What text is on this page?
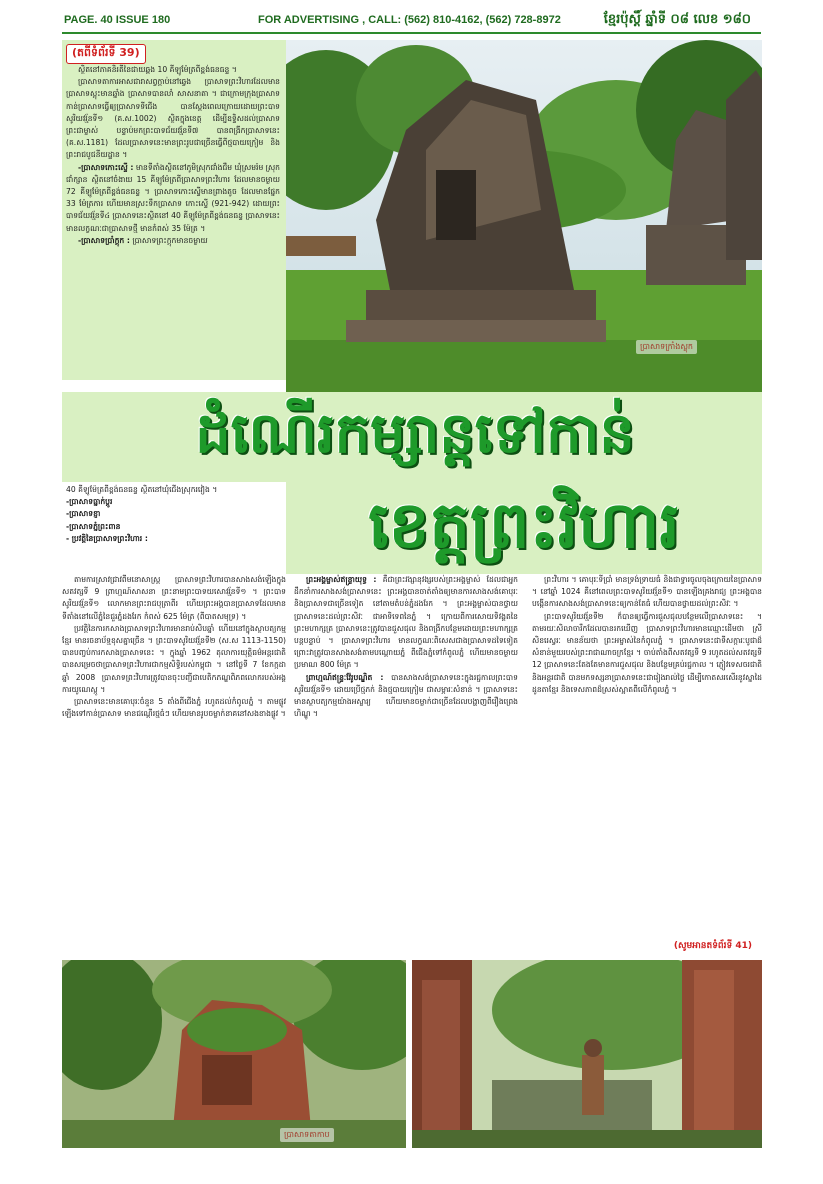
PAGE. 40 ISSUE 180	FOR ADVERTISING , CALL: (562) 810-4162, (562) 728-8972	ខ្មែរប៉ុស្តិ៍ ឆ្នាំទី ០៨ លេខ ១៨០
(តពីទំព័រទី 39)
ស្ថិតនៅភាគនិរតីនៃជាយឆ្ពង 10 គីឡូម៉ែត្រពីខ្ពង់ធនធន្ទ ។
ប្រាសាទតាការអាសជារាសព្វក្ដាប់នៅឆ្វេង ប្រាសាទព្រះវិហារដែលមាន ប្រាសាទស្អុះមានឆ្នាំង ប្រាសាទបានលាំ សាសនាតា ។ ជាក្រោមក្រុងប្រាសាទ កាន់ប្រាសាទធ្វើឲ្យប្រាសាទទីជើង បានស្តែងពេលក្រោយដោយព្រះបាទសូរិយវរ្ម័នទី១ (គ.ស.1002) ស្ថិតក្នុងខេត្ត ដើម្បីឧទ្ទិសដល់ប្រាសាទព្រះជាម្ចាស់ បន្ទាប់មកព្រះបាទជ័យវរ្ម័នទី៧ បានពង្រីកប្រាសាទនេះ (គ.ស.1181) ដែលប្រាសាទនេះមានព្រះរូបជាច្រើនធ្វើពីថ្មបាយក្រៀម និងព្រះរាជបូជនីយដ្ឋាន ។
-ប្រាសាទកោះស្ទើ : មានទីតាំងស្ថិតនៅភូមិស្រុកជាំងជឹម ឃុំស្រមរ៉ម ស្រុកជាំក្សាន ស្ថិតនៅចំងាយ 15 គីឡូម៉ែត្រពីប្រាសាទព្រះវិហារ ដែលមានចម្ងាយ 72 គីឡូម៉ែត្រពីខ្ពង់ធនធន្ទ ។ ប្រាសាទកោះស្ទើមានព្រាងតូច ដែលមានផ្នែក 33 ម៉ែត្រការ ហើយមានស្រះទឹកប្រាសាទ កោះស្ទើ (921-942) ដោយព្រះបាទជ័យវរ្ម័នទី៤ ប្រាសាទនេះស្ថិតនៅ 40 គីឡូម៉ែត្រពីខ្ពង់ធនធន្ទ ប្រាសាទនេះមានលក្ខណៈជាប្រាសាទថ្មី មានកំពស់ 35 ម៉ែត្រ ។
-ប្រាសាទប្រាំក្ដុក : ប្រាសាទព្រះក្ដុកមានចម្ងាយ
ប្រាសាទក្រាំងស្លុក
ដំណើរកម្សាន្តទៅកាន់
ខេត្តព្រះវិហារ
40 គីឡូម៉ែត្រពីខ្ពង់ធនធន្ទ ស្ថិតនៅឃុំជើងស្រុករវៀង ។
-ប្រាសាទធ្នាក់ប្ដូរ
-ប្រាសាទខ្ញា
-ប្រាសាទភ្នំព្រះពាន
- ប្រវត្តិនៃប្រាសាទព្រះវិហារ :
តាមការស្រាវជ្រាវពីមនោសាស្ត្រ ប្រាសាទព្រះវិហារបានសាងសង់ឡើងក្នុងសតវត្សទី 9 ព្រាហ្មណ៍សាសនា ព្រះនាមព្រះបាទយសោវរ្ម័នទី១ ។ ព្រះបាទសូរិយវរ្ម័នទី១ លោកមានព្រះរាជបុត្រាពីរ ហើយព្រះអង្គបានប្រាសាទដែលមានទីតាំងនៅលើភ្នំនៃជួរភ្នំដងរែក កំពស់ 625 ម៉ែត្រ (ពីបាតសមុទ្រ) ។
ប្រវត្តិនៃការកសាងប្រាសាទព្រះវិហារមានរាប់សិបឆ្នាំ ហើយនៅក្នុងស្ថាបត្យកម្មខ្មែរ មានរចនាប័ទ្មខុសគ្នាច្រើន ។ ព្រះបាទសូរិយវរ្ម័នទី២ (ស.ស 1113-1150) បានបញ្ចប់ការកសាងប្រាសាទនេះ ។ ក្នុងឆ្នាំ 1962 តុលាការយុត្តិធម៌អន្តរជាតិ បានសម្រេចថាប្រាសាទព្រះវិហារជាកម្មសិទ្ធិរបស់កម្ពុជា ។ នៅថ្ងៃទី 7 ខែកក្កដា ឆ្នាំ 2008 ប្រាសាទព្រះវិហារត្រូវបានចុះបញ្ជីជាបេតិកភណ្ឌពិភពលោករបស់អង្គការយូណេស្កូ ។
ប្រាសាទនេះមានគោបុរៈចំនួន 5 តាំងពីជើងភ្នំ រហូតដល់កំពូលភ្នំ ។ តាមផ្លូវឡើងទៅកាន់ប្រាសាទ មានជណ្ដើរថ្មធំៗ ហើយមានរូបចម្លាក់នាគនៅសងខាងផ្លូវ ។
ព្រះអង្គម្ចាស់ឥន្ទ្រាយុទ្ធ : គឺជាព្រះវង្សានុវង្សរបស់ព្រះអង្គម្ចាស់ ដែលជាអ្នកដឹកនាំការសាងសង់ប្រាសាទនេះ ព្រះអង្គបានចាត់តាំងឲ្យមានការសាងសង់គោបុរៈ និងប្រាសាទជាច្រើនទៀត នៅតាមតំបន់ភ្នំដងរែក ។ ព្រះអង្គម្ចាស់បានថ្វាយប្រាសាទនេះដល់ព្រះសិវៈ ជាអាទិទេពនៃភ្នំ ។ ក្រោយពីការសោយទិវង្គតនៃព្រះមហាក្សត្រ ប្រាសាទនេះត្រូវបានជួសជុល និងពង្រីកបន្ថែមដោយព្រះមហាក្សត្របន្តបន្ទាប់ ។ ប្រាសាទព្រះវិហារ មានលក្ខណៈពិសេសជាងប្រាសាទដទៃទៀត ព្រោះវាត្រូវបានសាងសង់តាមបណ្ដោយភ្នំ ពីជើងភ្នំទៅកំពូលភ្នំ ហើយមានចម្ងាយប្រមាណ 800 ម៉ែត្រ ។
ព្រាហ្មណ៍ឥន្ទ្រៈវ៉ែរូបណ្ឌិត : បានសាងសង់ប្រាសាទនេះក្នុងរជ្ជកាលព្រះបាទសូរិយវរ្ម័នទី១ ដោយប្រើថ្មភក់ និងថ្មបាយក្រៀម ជាសម្ភារៈសំខាន់ ។ ប្រាសាទនេះមានស្ថាបត្យកម្មយ៉ាងអស្ចារ្យ ហើយមានចម្លាក់ជាច្រើនដែលបង្ហាញពីរឿងព្រេងហិណ្ឌូ ។
ព្រះវិហារ ។ គោបុរៈទីប្រាំ មានទ្រង់ទ្រាយធំ និងជាទ្វារចូលចុងក្រោយនៃប្រាសាទ ។ នៅឆ្នាំ 1024 គឺនៅពេលព្រះបាទសូរិយវរ្ម័នទី១ បានឡើងគ្រងរាជ្យ ព្រះអង្គបានបង្កើនការសាងសង់ប្រាសាទនេះឲ្យកាន់តែធំ ហើយបានថ្វាយដល់ព្រះសិវៈ ។
ព្រះបាទសូរិយវរ្ម័នទី២ ក៏បានឲ្យធ្វើការជួសជុលបន្ថែមលើប្រាសាទនេះ ។ តាមរយៈសិលាចារឹកដែលបានរកឃើញ ប្រាសាទព្រះវិហារមានឈ្មោះដើមថា ស្រីសិខរេស្វរៈ មានន័យថា ព្រះអម្ចាស់នៃកំពូលភ្នំ ។ ប្រាសាទនេះជាទីសក្ការៈបូជាដ៏សំខាន់មួយរបស់ព្រះរាជាណាចក្រខ្មែរ ។ ចាប់តាំងពីសតវត្សទី 9 រហូតដល់សតវត្សទី 12 ប្រាសាទនេះតែងតែមានការជួសជុល និងបន្ថែមគ្រប់រជ្ជកាល ។ ភ្ញៀវទេសចរជាតិ និងអន្តរជាតិ បានមកទស្សនាប្រាសាទនេះជារៀងរាល់ថ្ងៃ ដើម្បីកោតសរសើរនូវស្នាដៃដូនតាខ្មែរ និងទេសភាពដ៏ស្រស់ស្អាតពីលើកំពូលភ្នំ ។
(សូមអានតទំព័រទី 41)
ប្រាសាទតាកាប
